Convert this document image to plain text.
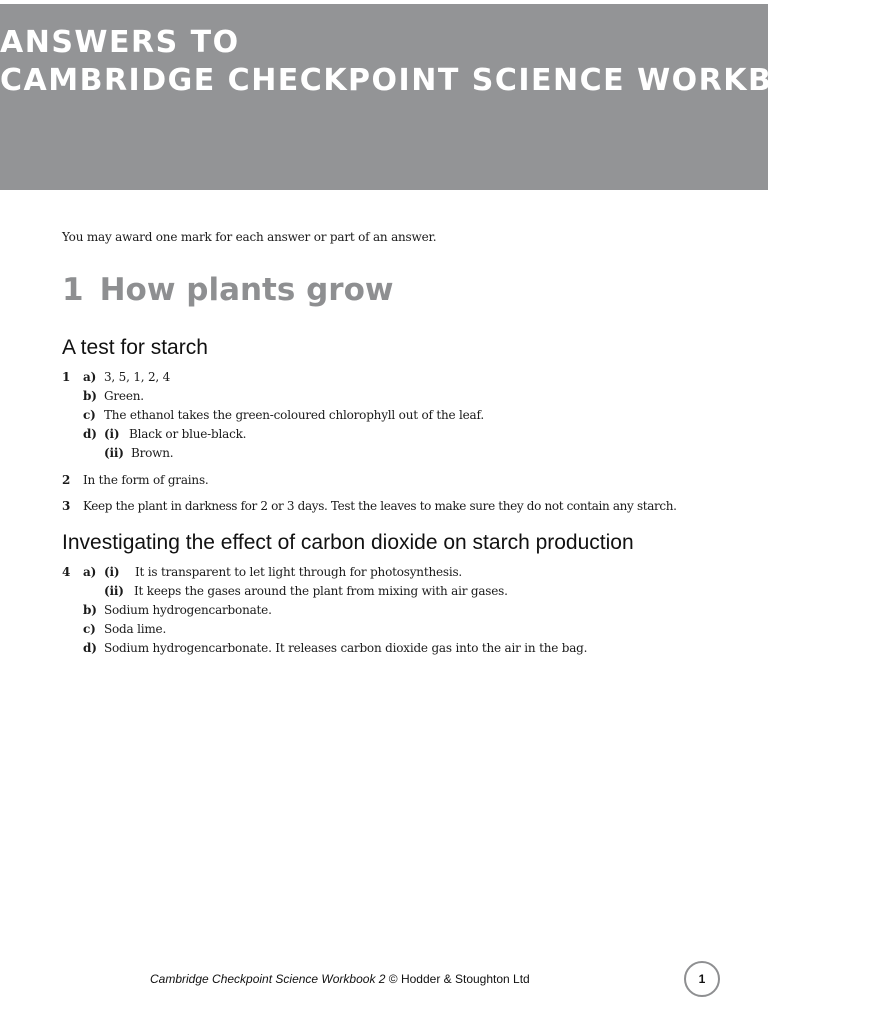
ANSWERS TO
CAMBRIDGE CHECKPOINT SCIENCE WORKBOOK 2

You may award one mark for each answer or part of an answer.

1 How plants grow
A test for starch
1 a) 3, 5, 1, 2, 4
b) Green.
c) The ethanol takes the green-coloured chlorophyll out of the leaf.
d) (i) Black or blue-black.
(ii) Brown.
2 In the form of grains.
3 Keep the plant in darkness for 2 or 3 days. Test the leaves to make sure they do not contain any starch.
Investigating the effect of carbon dioxide on starch production
4 a) (i) It is transparent to let light through for photosynthesis.
(ii) It keeps the gases around the plant from mixing with air gases.
b) Sodium hydrogencarbonate.
c) Soda lime.
d) Sodium hydrogencarbonate. It releases carbon dioxide gas into the air in the bag.
Cambridge Checkpoint Science Workbook 2 © Hodder & Stoughton Ltd	1
